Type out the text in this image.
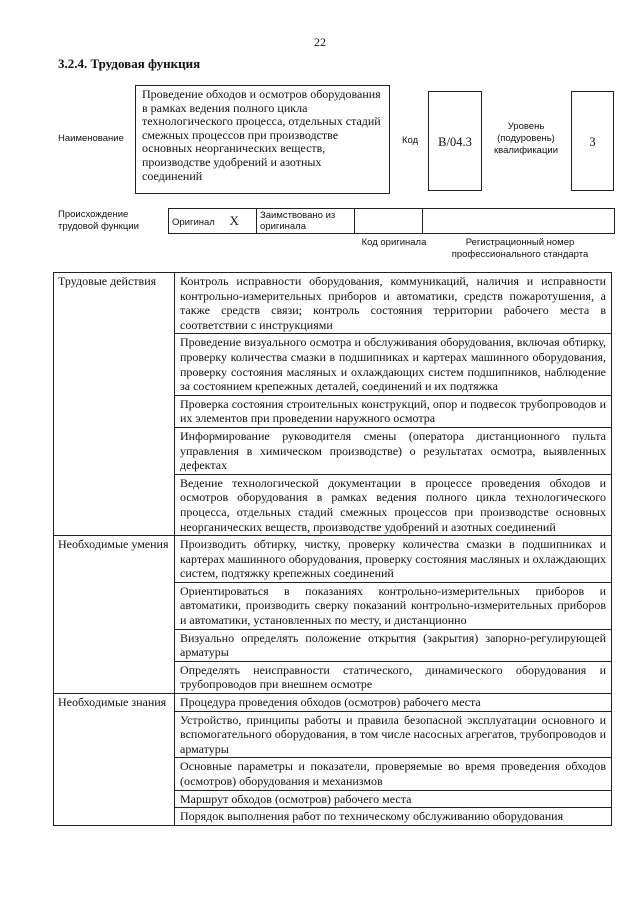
22
3.2.4. Трудовая функция
Наименование
Проведение обходов и осмотров оборудования в рамках ведения полного цикла технологического процесса, отдельных стадий смежных процессов при производстве основных неорганических веществ, производстве удобрений и азотных соединений
Код	B/04.3
Уровень (подуровень) квалификации
3
Происхождение трудовой функции	Оригинал X	Заимствовано из оригинала		
Код оригинала	Регистрационный номер профессионального стандарта
Трудовые действия	Контроль исправности оборудования, коммуникаций, наличия и исправности контрольно-измерительных приборов и автоматики, средств пожаротушения, а также средств связи; контроль состояния территории рабочего места в соответствии с инструкциями
	Проведение визуального осмотра и обслуживания оборудования, включая обтирку, проверку количества смазки в подшипниках и картерах машинного оборудования, проверку состояния масляных и охлаждающих систем подшипников, наблюдение за состоянием крепежных деталей, соединений и их подтяжка
	Проверка состояния строительных конструкций, опор и подвесок трубопроводов и их элементов при проведении наружного осмотра
	Информирование руководителя смены (оператора дистанционного пульта управления в химическом производстве) о результатах осмотра, выявленных дефектах
	Ведение технологической документации в процессе проведения обходов и осмотров оборудования в рамках ведения полного цикла технологического процесса, отдельных стадий смежных процессов при производстве основных неорганических веществ, производстве удобрений и азотных соединений
Необходимые умения	Производить обтирку, чистку, проверку количества смазки в подшипниках и картерах машинного оборудования, проверку состояния масляных и охлаждающих систем, подтяжку крепежных соединений
	Ориентироваться в показаниях контрольно-измерительных приборов и автоматики, производить сверку показаний контрольно-измерительных приборов и автоматики, установленных по месту, и дистанционно
	Визуально определять положение открытия (закрытия) запорно-регулирующей арматуры
	Определять неисправности статического, динамического оборудования и трубопроводов при внешнем осмотре
Необходимые знания	Процедура проведения обходов (осмотров) рабочего места
	Устройство, принципы работы и правила безопасной эксплуатации основного и вспомогательного оборудования, в том числе насосных агрегатов, трубопроводов и арматуры
	Основные параметры и показатели, проверяемые во время проведения обходов (осмотров) оборудования и механизмов
	Маршрут обходов (осмотров) рабочего места
	Порядок выполнения работ по техническому обслуживанию оборудования
